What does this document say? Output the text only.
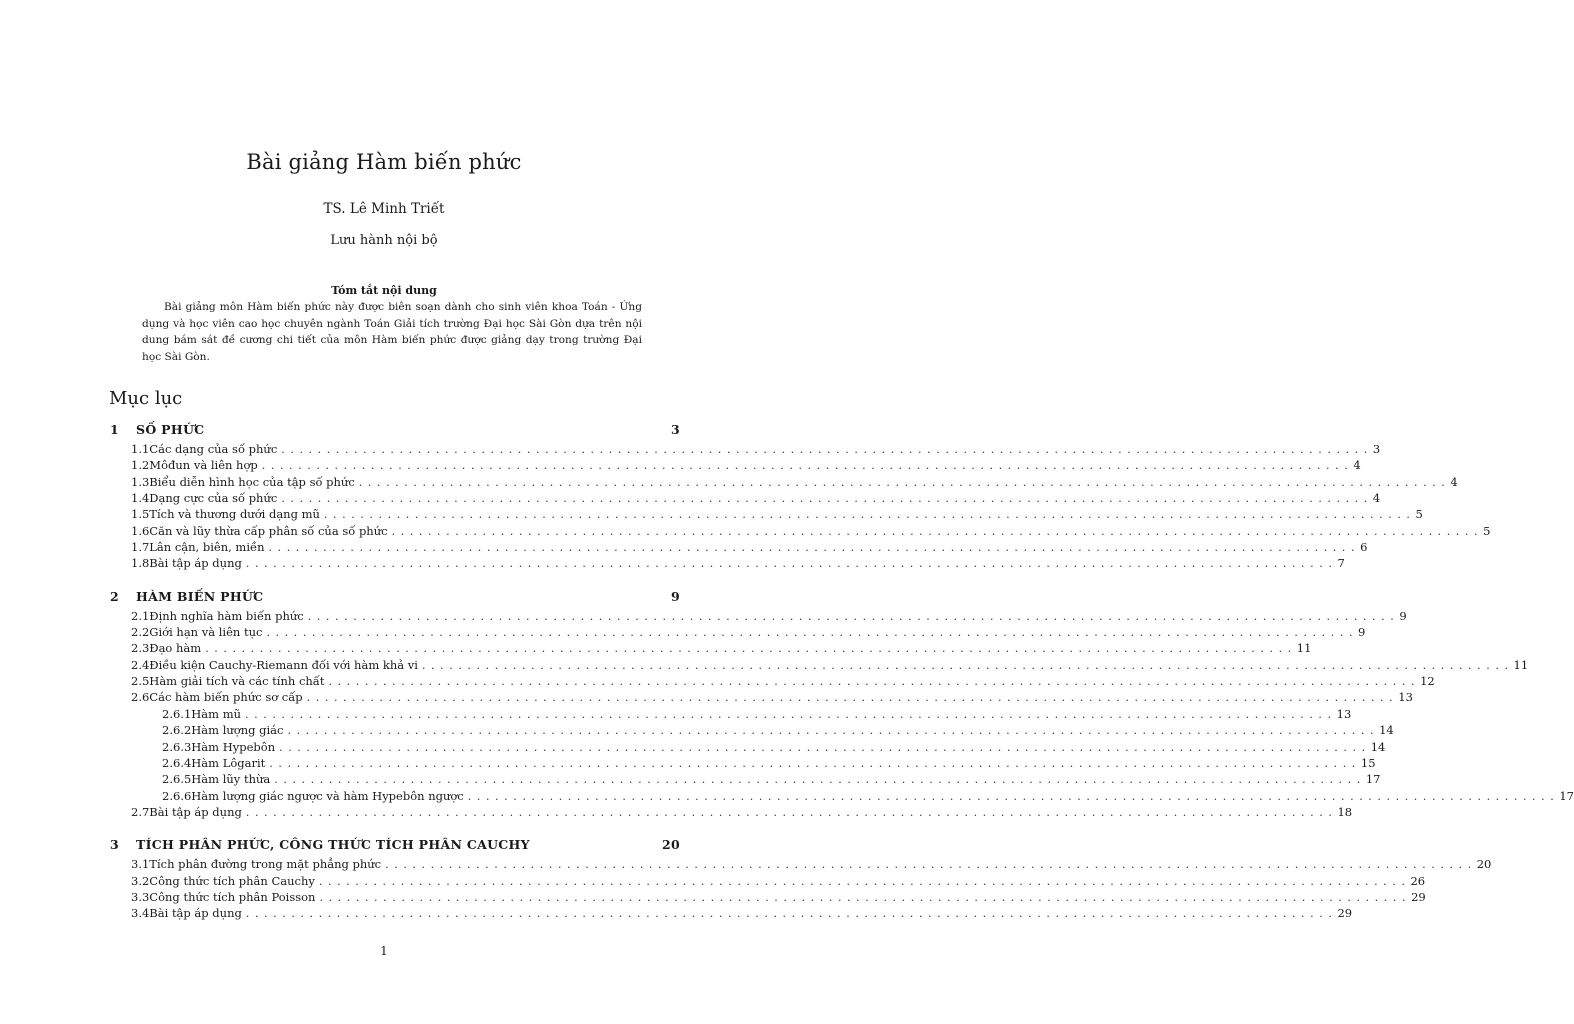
Bài giảng Hàm biến phức
TS. Lê Minh Triết
Lưu hành nội bộ
Tóm tắt nội dung
Bài giảng môn Hàm biến phức này được biên soạn dành cho sinh viên khoa Toán - Ứng dụng và học viên cao học chuyên ngành Toán Giải tích trường Đại học Sài Gòn dựa trên nội dung bám sát đề cương chi tiết của môn Hàm biến phức được giảng dạy trong trường Đại học Sài Gòn.
Mục lục
1	SỐ PHỨC	3
1.1 Các dạng của số phức ........................................................................................................................ 3
1.2 Môđun và liên hợp ........................................................................................................................ 4
1.3 Biểu diễn hình học của tập số phức ........................................................................................................................ 4
1.4 Dạng cực của số phức ........................................................................................................................ 4
1.5 Tích và thương dưới dạng mũ ........................................................................................................................ 5
1.6 Căn và lũy thừa cấp phân số của số phức ........................................................................................................................ 5
1.7 Lân cận, biên, miền ........................................................................................................................ 6
1.8 Bài tập áp dụng ........................................................................................................................ 7
2	HÀM BIẾN PHỨC	9
2.1 Định nghĩa hàm biến phức ........................................................................................................................ 9
2.2 Giới hạn và liên tục ........................................................................................................................ 9
2.3 Đạo hàm ........................................................................................................................ 11
2.4 Điều kiện Cauchy-Riemann đối với hàm khả vi ........................................................................................................................ 11
2.5 Hàm giải tích và các tính chất ........................................................................................................................ 12
2.6 Các hàm biến phức sơ cấp ........................................................................................................................ 13
2.6.1 Hàm mũ ........................................................................................................................ 13
2.6.2 Hàm lượng giác ........................................................................................................................ 14
2.6.3 Hàm Hypebôn ........................................................................................................................ 14
2.6.4 Hàm Lôgarit ........................................................................................................................ 15
2.6.5 Hàm lũy thừa ........................................................................................................................ 17
2.6.6 Hàm lượng giác ngược và hàm Hypebôn ngược ........................................................................................................................ 17
2.7 Bài tập áp dụng ........................................................................................................................ 18
3	TÍCH PHÂN PHỨC, CÔNG THỨC TÍCH PHÂN CAUCHY	20
3.1 Tích phân đường trong mặt phẳng phức ........................................................................................................................ 20
3.2 Công thức tích phân Cauchy ........................................................................................................................ 26
3.3 Công thức tích phân Poisson ........................................................................................................................ 29
3.4 Bài tập áp dụng ........................................................................................................................ 29
1
